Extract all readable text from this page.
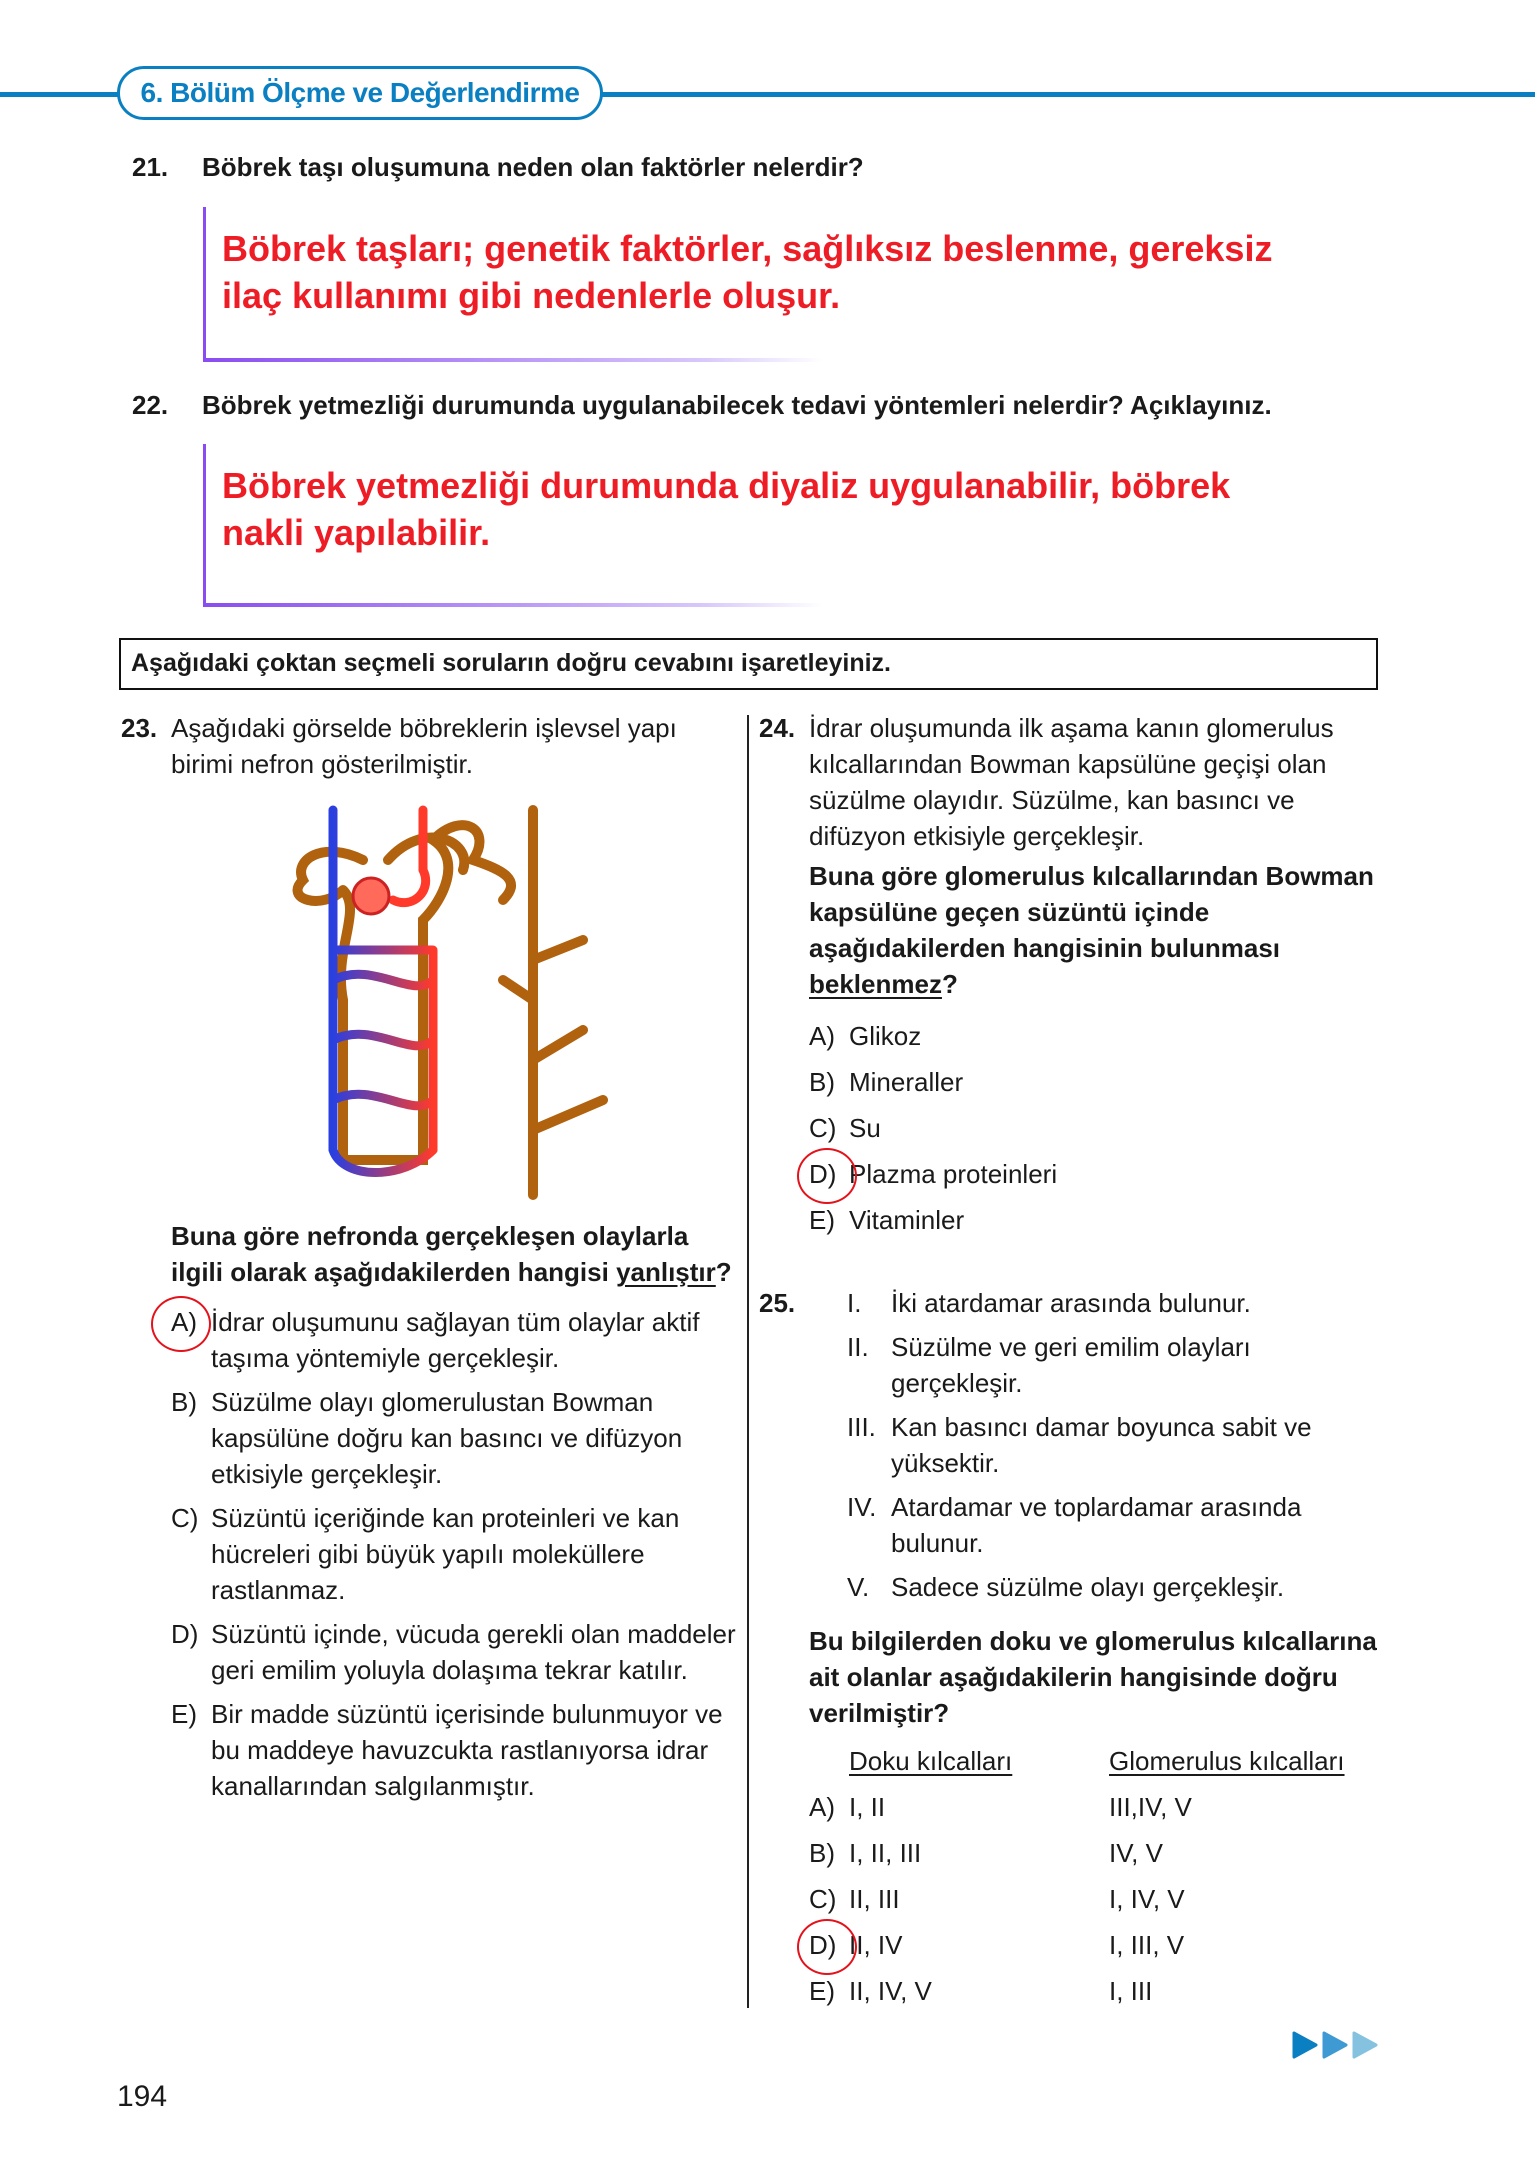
6. Bölüm Ölçme ve Değerlendirme
21. Böbrek taşı oluşumuna neden olan faktörler nelerdir?
Böbrek taşları; genetik faktörler, sağlıksız beslenme, gereksiz
ilaç kullanımı gibi nedenlerle oluşur.
22. Böbrek yetmezliği durumunda uygulanabilecek tedavi yöntemleri nelerdir? Açıklayınız.
Böbrek yetmezliği durumunda diyaliz uygulanabilir, böbrek
nakli yapılabilir.
Aşağıdaki çoktan seçmeli soruların doğru cevabını işaretleyiniz.
23. Aşağıdaki görselde böbreklerin işlevsel yapı birimi nefron gösterilmiştir.
Buna göre nefronda gerçekleşen olaylarla ilgili olarak aşağıdakilerden hangisi yanlıştır?
A) İdrar oluşumunu sağlayan tüm olaylar aktif taşıma yöntemiyle gerçekleşir.
B) Süzülme olayı glomerulustan Bowman kapsülüne doğru kan basıncı ve difüzyon etkisiyle gerçekleşir.
C) Süzüntü içeriğinde kan proteinleri ve kan hücreleri gibi büyük yapılı moleküllere rastlanmaz.
D) Süzüntü içinde, vücuda gerekli olan maddeler geri emilim yoluyla dolaşıma tekrar katılır.
E) Bir madde süzüntü içerisinde bulunmuyor ve bu maddeye havuzcukta rastlanıyorsa idrar kanallarından salgılanmıştır.
24. İdrar oluşumunda ilk aşama kanın glomerulus kılcallarından Bowman kapsülüne geçişi olan süzülme olayıdır. Süzülme, kan basıncı ve difüzyon etkisiyle gerçekleşir.
Buna göre glomerulus kılcallarından Bowman kapsülüne geçen süzüntü içinde aşağıdakilerden hangisinin bulunması beklenmez?
A) Glikoz
B) Mineraller
C) Su
D) Plazma proteinleri
E) Vitaminler
25.	I.	İki atardamar arasında bulunur.
II. Süzülme ve geri emilim olayları gerçekleşir.
III. Kan basıncı damar boyunca sabit ve yüksektir.
IV. Atardamar ve toplardamar arasında bulunur.
V. Sadece süzülme olayı gerçekleşir.
Bu bilgilerden doku ve glomerulus kılcallarına ait olanlar aşağıdakilerin hangisinde doğru verilmiştir?
Doku kılcalları	Glomerulus kılcalları
A) I, II	III,IV, V
B) I, II, III	IV, V
C) II, III	I, IV, V
D) II, IV	I, III, V
E) II, IV, V	I, III
194
